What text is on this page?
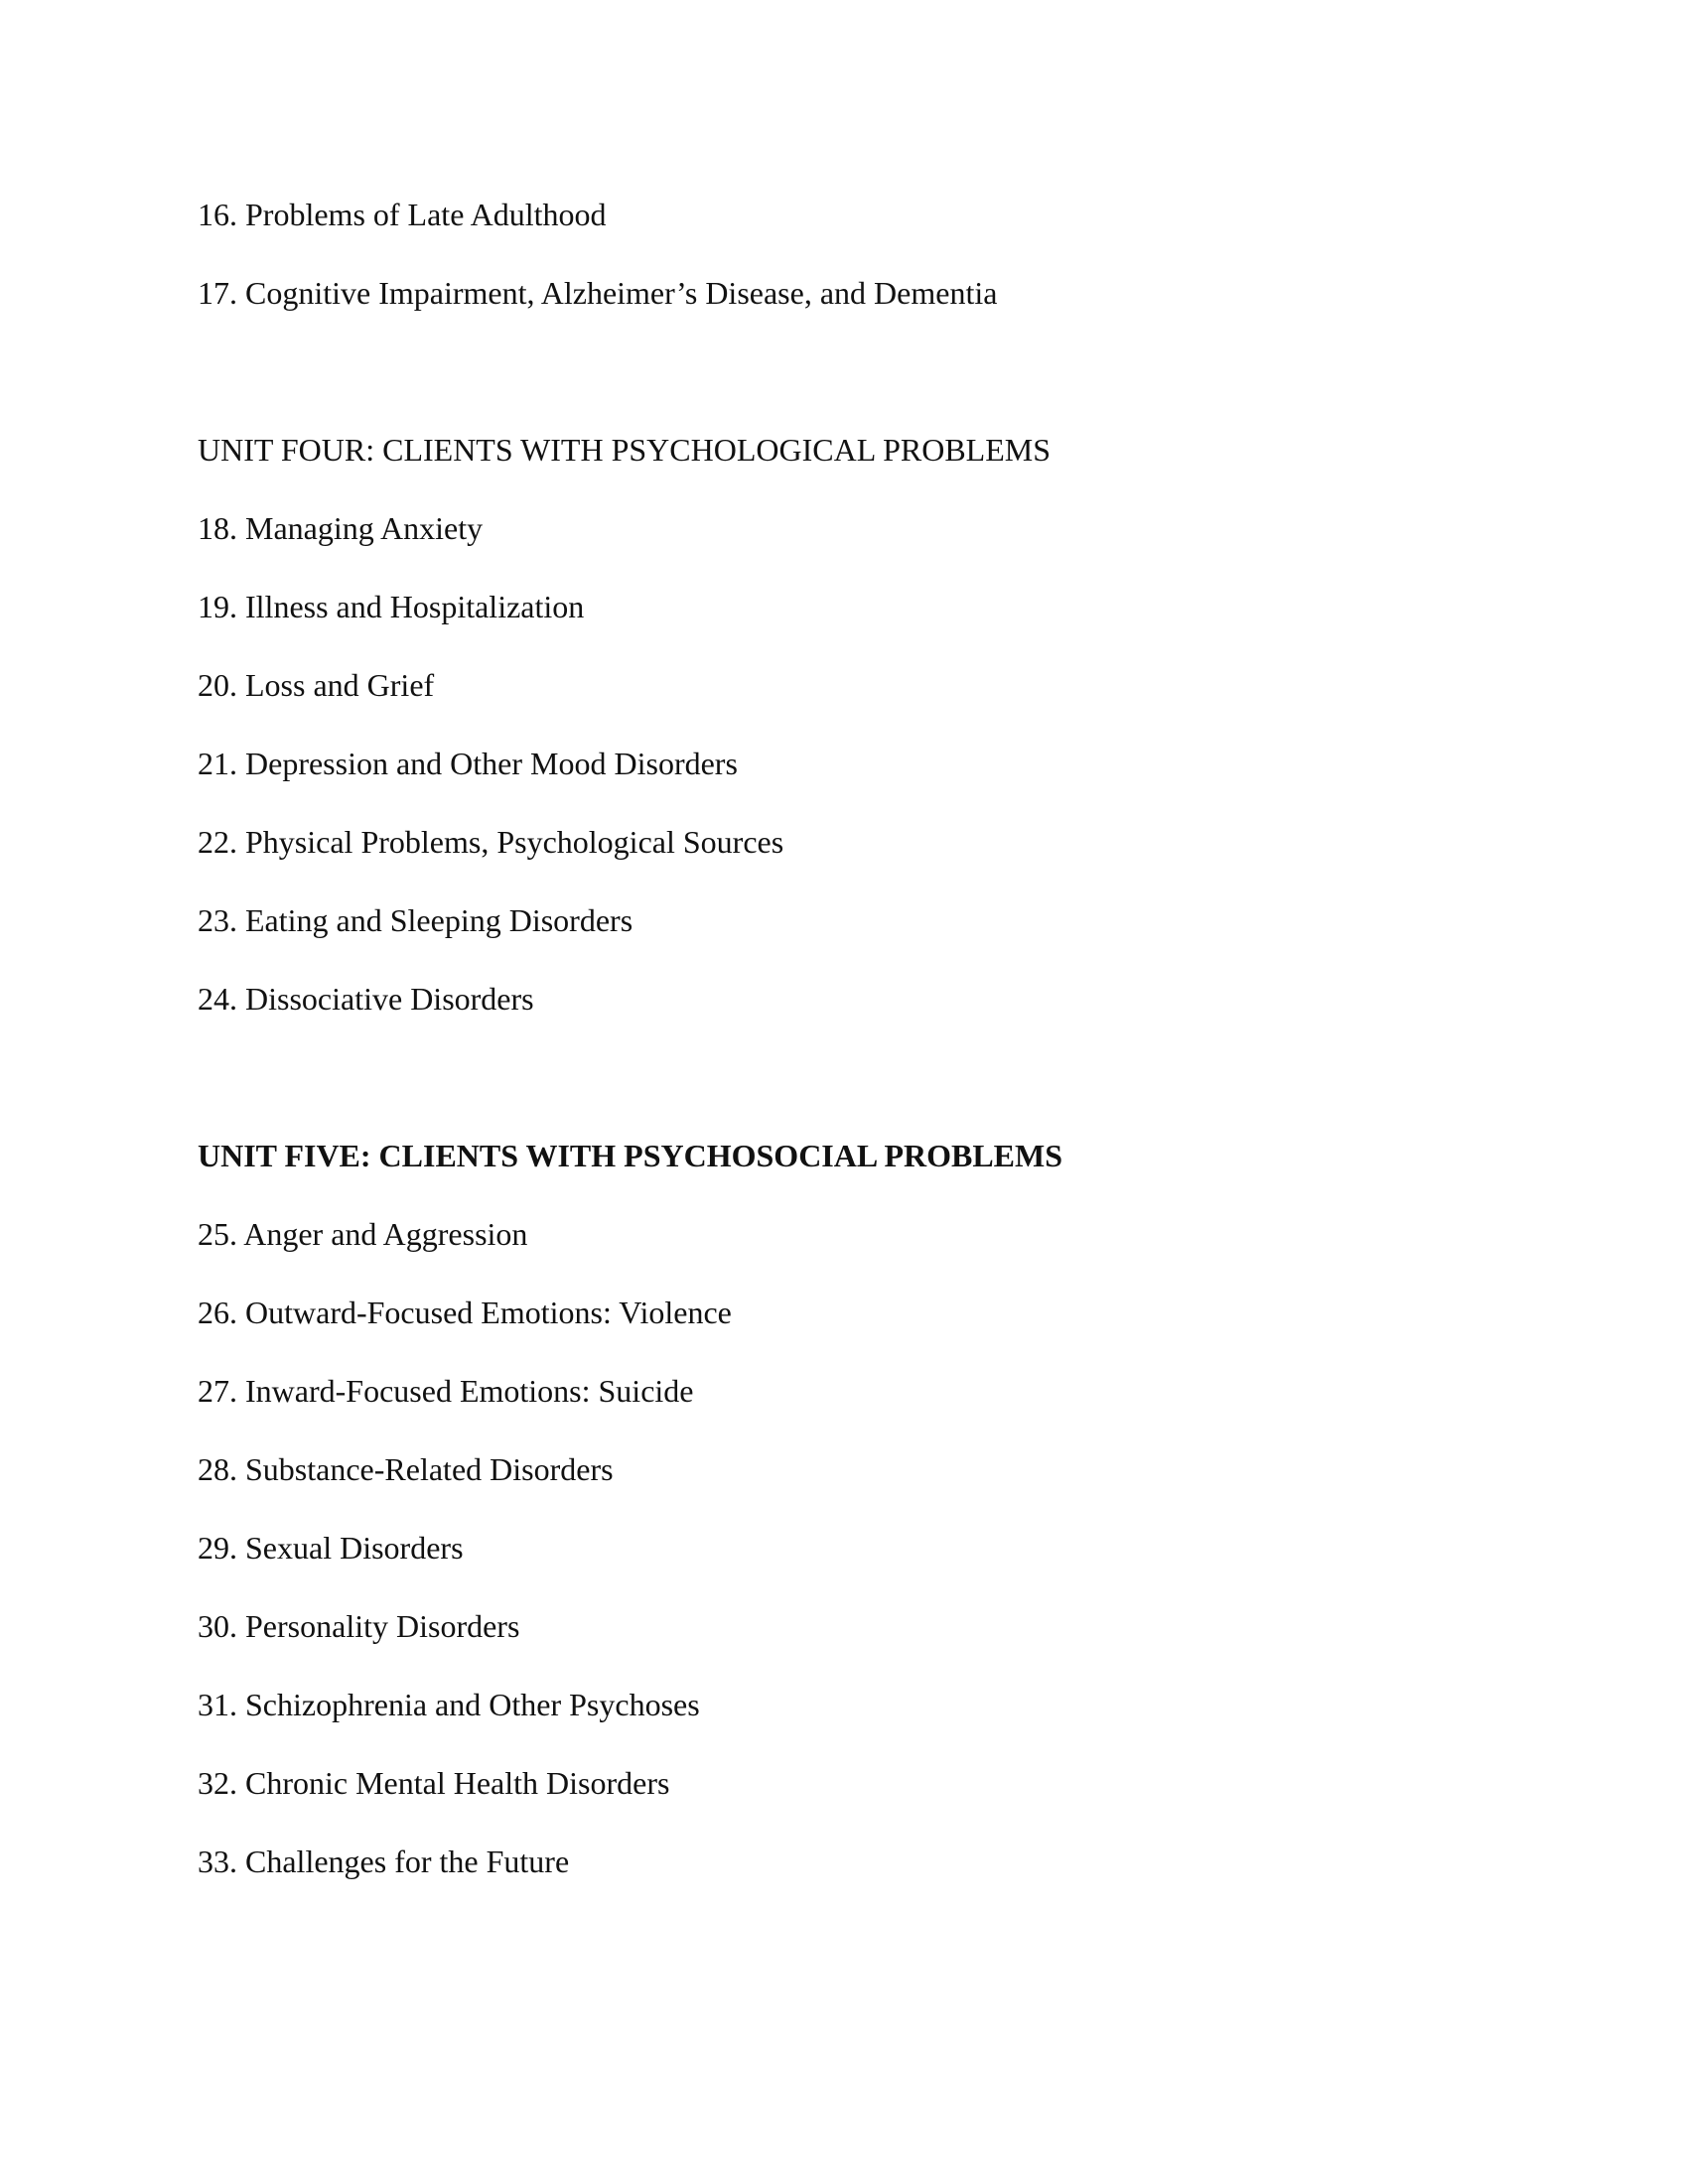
16. Problems of Late Adulthood
17. Cognitive Impairment, Alzheimer’s Disease, and Dementia
UNIT FOUR: CLIENTS WITH PSYCHOLOGICAL PROBLEMS
18. Managing Anxiety
19. Illness and Hospitalization
20. Loss and Grief
21. Depression and Other Mood Disorders
22. Physical Problems, Psychological Sources
23. Eating and Sleeping Disorders
24. Dissociative Disorders
UNIT FIVE: CLIENTS WITH PSYCHOSOCIAL PROBLEMS
25. Anger and Aggression
26. Outward-Focused Emotions: Violence
27. Inward-Focused Emotions: Suicide
28. Substance-Related Disorders
29. Sexual Disorders
30. Personality Disorders
31. Schizophrenia and Other Psychoses
32. Chronic Mental Health Disorders
33. Challenges for the Future
